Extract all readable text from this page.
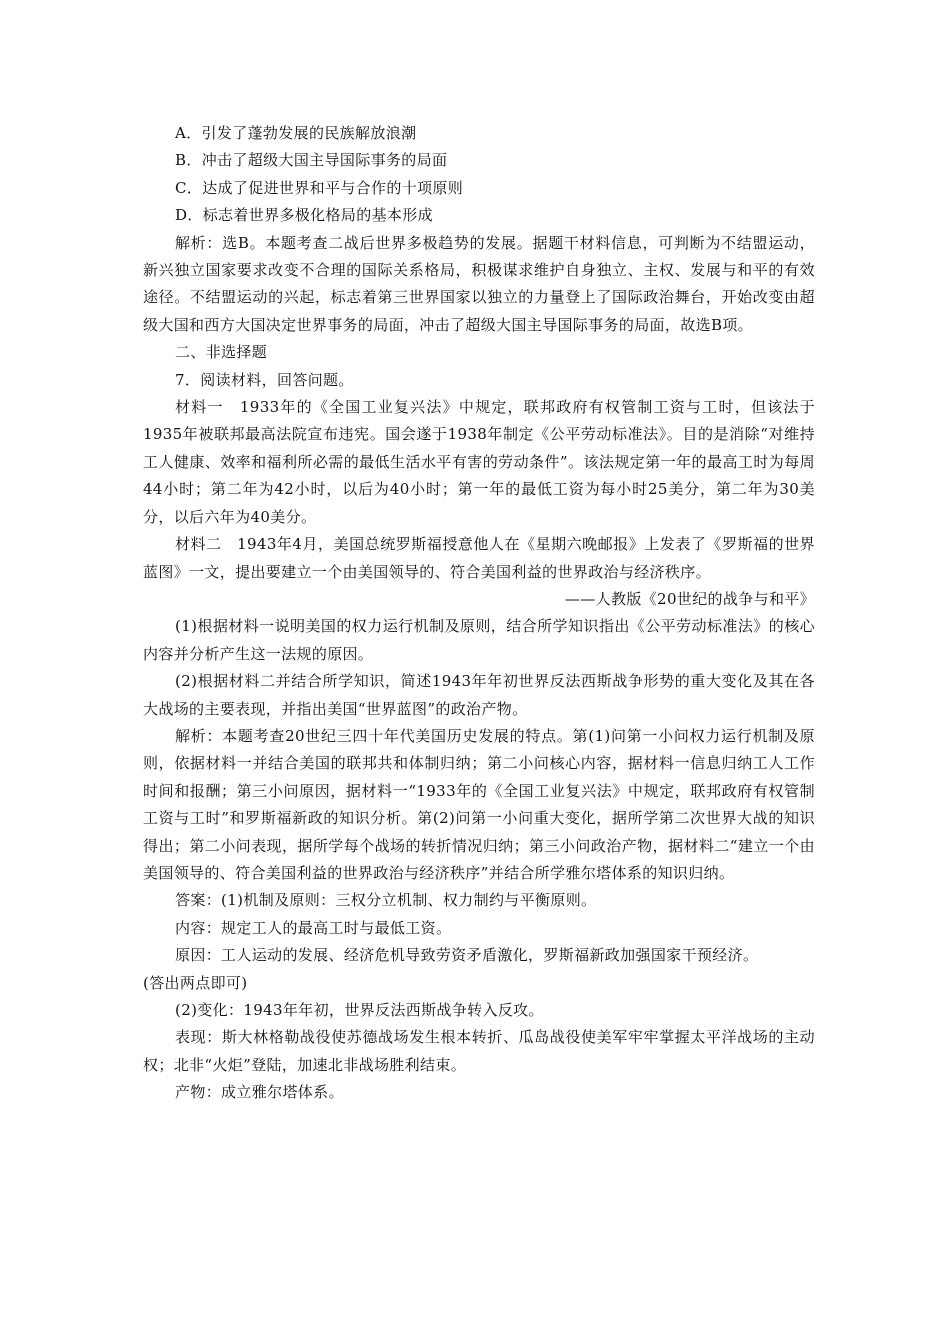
A．引发了蓬勃发展的民族解放浪潮

B．冲击了超级大国主导国际事务的局面

C．达成了促进世界和平与合作的十项原则

D．标志着世界多极化格局的基本形成

解析：选B。本题考查二战后世界多极趋势的发展。据题干材料信息，可判断为不结盟运动，新兴独立国家要求改变不合理的国际关系格局，积极谋求维护自身独立、主权、发展与和平的有效途径。不结盟运动的兴起，标志着第三世界国家以独立的力量登上了国际政治舞台，开始改变由超级大国和西方大国决定世界事务的局面，冲击了超级大国主导国际事务的局面，故选B项。

二、非选择题

7．阅读材料，回答问题。

材料一　1933年的《全国工业复兴法》中规定，联邦政府有权管制工资与工时，但该法于1935年被联邦最高法院宣布违宪。国会遂于1938年制定《公平劳动标准法》。目的是消除“对维持工人健康、效率和福利所必需的最低生活水平有害的劳动条件”。该法规定第一年的最高工时为每周44小时；第二年为42小时，以后为40小时；第一年的最低工资为每小时25美分，第二年为30美分，以后六年为40美分。

材料二　1943年4月，美国总统罗斯福授意他人在《星期六晚邮报》上发表了《罗斯福的世界蓝图》一文，提出要建立一个由美国领导的、符合美国利益的世界政治与经济秩序。

——人教版《20世纪的战争与和平》

(1)根据材料一说明美国的权力运行机制及原则，结合所学知识指出《公平劳动标准法》的核心内容并分析产生这一法规的原因。

(2)根据材料二并结合所学知识，简述1943年年初世界反法西斯战争形势的重大变化及其在各大战场的主要表现，并指出美国“世界蓝图”的政治产物。

解析：本题考查20世纪三四十年代美国历史发展的特点。第(1)问第一小问权力运行机制及原则，依据材料一并结合美国的联邦共和体制归纳；第二小问核心内容，据材料一信息归纳工人工作时间和报酬；第三小问原因，据材料一“1933年的《全国工业复兴法》中规定，联邦政府有权管制工资与工时”和罗斯福新政的知识分析。第(2)问第一小问重大变化，据所学第二次世界大战的知识得出；第二小问表现，据所学每个战场的转折情况归纳；第三小问政治产物，据材料二“建立一个由美国领导的、符合美国利益的世界政治与经济秩序”并结合所学雅尔塔体系的知识归纳。

答案：(1)机制及原则：三权分立机制、权力制约与平衡原则。

内容：规定工人的最高工时与最低工资。

原因：工人运动的发展、经济危机导致劳资矛盾激化，罗斯福新政加强国家干预经济。

(答出两点即可)

(2)变化：1943年年初，世界反法西斯战争转入反攻。

表现：斯大林格勒战役使苏德战场发生根本转折、瓜岛战役使美军牢牢掌握太平洋战场的主动权；北非“火炬”登陆，加速北非战场胜利结束。

产物：成立雅尔塔体系。
